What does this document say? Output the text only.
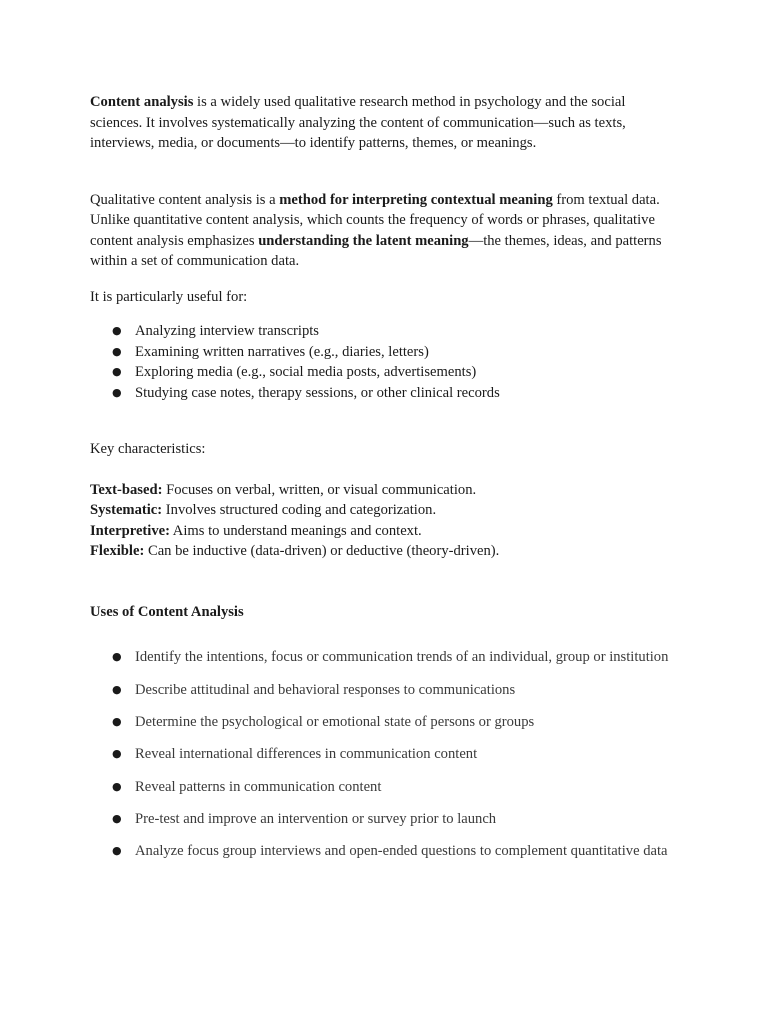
Content analysis is a widely used qualitative research method in psychology and the social sciences. It involves systematically analyzing the content of communication—such as texts, interviews, media, or documents—to identify patterns, themes, or meanings.

Qualitative content analysis is a method for interpreting contextual meaning from textual data. Unlike quantitative content analysis, which counts the frequency of words or phrases, qualitative content analysis emphasizes understanding the latent meaning—the themes, ideas, and patterns within a set of communication data.

It is particularly useful for:

● Analyzing interview transcripts
● Examining written narratives (e.g., diaries, letters)
● Exploring media (e.g., social media posts, advertisements)
● Studying case notes, therapy sessions, or other clinical records

Key characteristics:

Text-based: Focuses on verbal, written, or visual communication.

Systematic: Involves structured coding and categorization.

Interpretive: Aims to understand meanings and context.

Flexible: Can be inductive (data-driven) or deductive (theory-driven).

Uses of Content Analysis

● Identify the intentions, focus or communication trends of an individual, group or institution
● Describe attitudinal and behavioral responses to communications
● Determine the psychological or emotional state of persons or groups
● Reveal international differences in communication content
● Reveal patterns in communication content
● Pre-test and improve an intervention or survey prior to launch
● Analyze focus group interviews and open-ended questions to complement quantitative data
